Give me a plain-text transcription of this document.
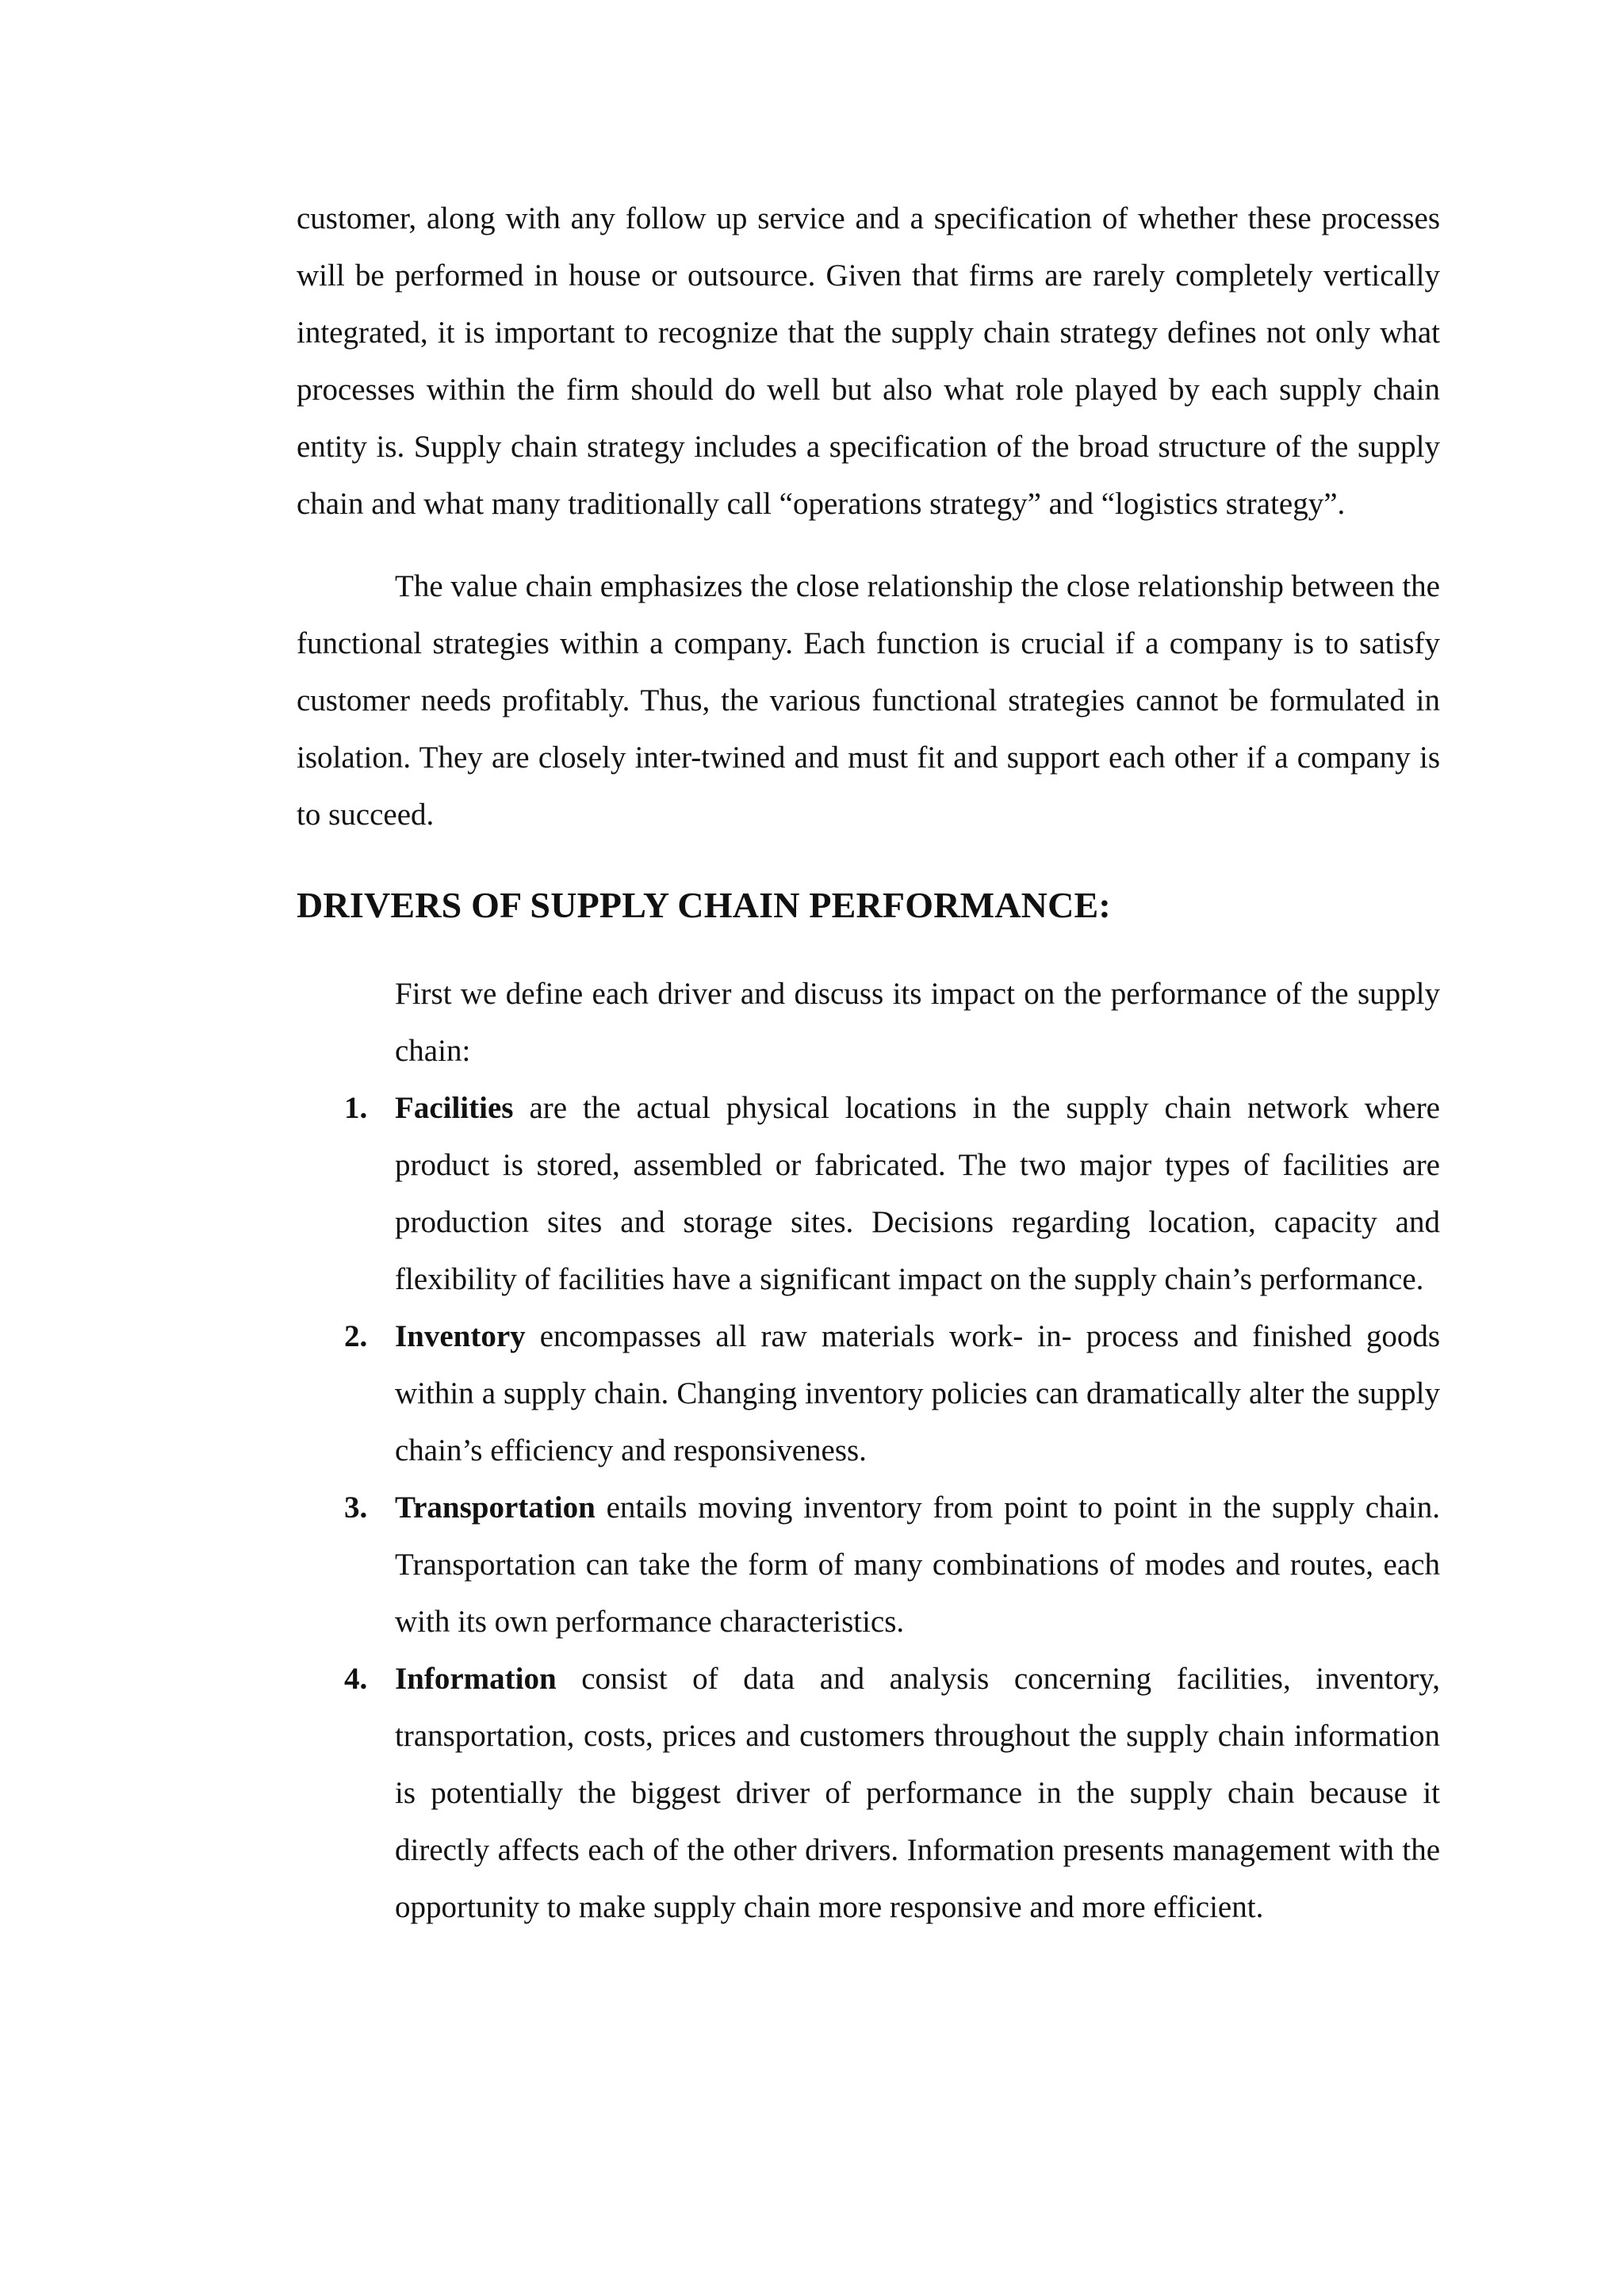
customer, along with any follow up service and a specification of whether these processes will be performed in house or outsource. Given that firms are rarely completely vertically integrated, it is important to recognize that the supply chain strategy defines not only what processes within the firm should do well but also what role played by each supply chain entity is. Supply chain strategy includes a specification of the broad structure of the supply chain and what many traditionally call “operations strategy” and “logistics strategy”.

The value chain emphasizes the close relationship the close relationship between the functional strategies within a company. Each function is crucial if a company is to satisfy customer needs profitably. Thus, the various functional strategies cannot be formulated in isolation. They are closely inter-twined and must fit and support each other if a company is to succeed.

DRIVERS OF SUPPLY CHAIN PERFORMANCE:

First we define each driver and discuss its impact on the performance of the supply chain:

1. Facilities are the actual physical locations in the supply chain network where product is stored, assembled or fabricated. The two major types of facilities are production sites and storage sites. Decisions regarding location, capacity and flexibility of facilities have a significant impact on the supply chain’s performance.
2. Inventory encompasses all raw materials work- in- process and finished goods within a supply chain. Changing inventory policies can dramatically alter the supply chain’s efficiency and responsiveness.
3. Transportation entails moving inventory from point to point in the supply chain. Transportation can take the form of many combinations of modes and routes, each with its own performance characteristics.
4. Information consist of data and analysis concerning facilities, inventory, transportation, costs, prices and customers throughout the supply chain information is potentially the biggest driver of performance in the supply chain because it directly affects each of the other drivers. Information presents management with the opportunity to make supply chain more responsive and more efficient.
